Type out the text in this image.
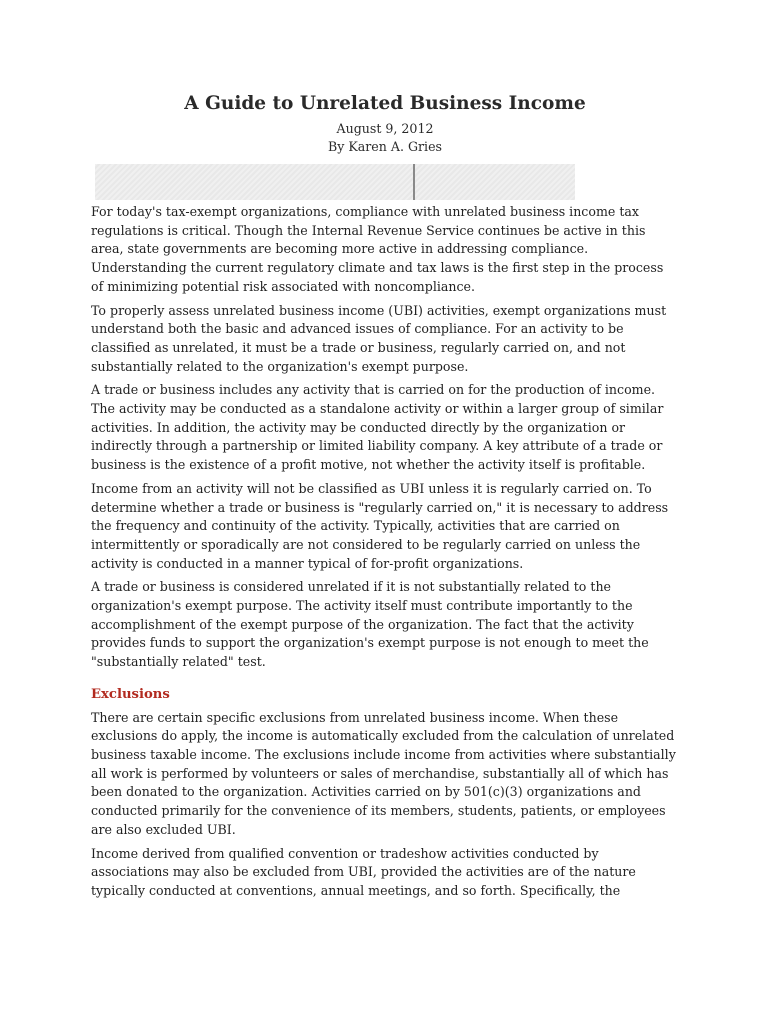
A Guide to Unrelated Business Income
August 9, 2012
By Karen A. Gries

For today's tax-exempt organizations, compliance with unrelated business income tax regulations is critical. Though the Internal Revenue Service continues be active in this area, state governments are becoming more active in addressing compliance. Understanding the current regulatory climate and tax laws is the first step in the process of minimizing potential risk associated with noncompliance.

To properly assess unrelated business income (UBI) activities, exempt organizations must understand both the basic and advanced issues of compliance. For an activity to be classified as unrelated, it must be a trade or business, regularly carried on, and not substantially related to the organization's exempt purpose.

A trade or business includes any activity that is carried on for the production of income. The activity may be conducted as a standalone activity or within a larger group of similar activities. In addition, the activity may be conducted directly by the organization or indirectly through a partnership or limited liability company. A key attribute of a trade or business is the existence of a profit motive, not whether the activity itself is profitable.

Income from an activity will not be classified as UBI unless it is regularly carried on. To determine whether a trade or business is "regularly carried on," it is necessary to address the frequency and continuity of the activity. Typically, activities that are carried on intermittently or sporadically are not considered to be regularly carried on unless the activity is conducted in a manner typical of for-profit organizations.

A trade or business is considered unrelated if it is not substantially related to the organization's exempt purpose. The activity itself must contribute importantly to the accomplishment of the exempt purpose of the organization. The fact that the activity provides funds to support the organization's exempt purpose is not enough to meet the "substantially related" test.

Exclusions

There are certain specific exclusions from unrelated business income. When these exclusions do apply, the income is automatically excluded from the calculation of unrelated business taxable income. The exclusions include income from activities where substantially all work is performed by volunteers or sales of merchandise, substantially all of which has been donated to the organization. Activities carried on by 501(c)(3) organizations and conducted primarily for the convenience of its members, students, patients, or employees are also excluded UBI.

Income derived from qualified convention or tradeshow activities conducted by associations may also be excluded from UBI, provided the activities are of the nature typically conducted at conventions, annual meetings, and so forth. Specifically, the
